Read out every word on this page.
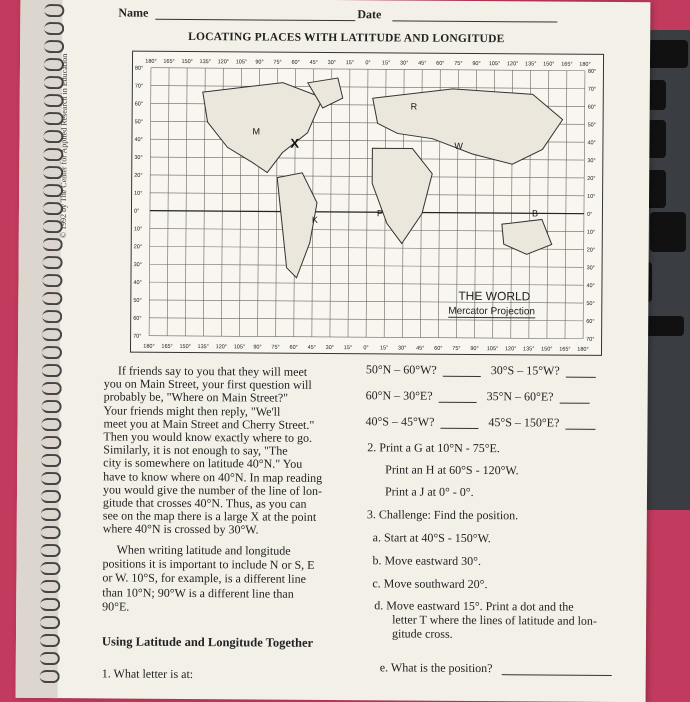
© 1992 by The Center for Applied Research in Education
Name	Date
LOCATING PLACES WITH LATITUDE AND LONGITUDE
180°
180°
165°
165°
150°
150°
135°
135°
120°
120°
105°
105°
90°
90°
75°
75°
60°
60°
45°
45°
30°
30°
15°
15°
0°
0°
15°
15°
30°
30°
45°
45°
60°
60°
75°
75°
90°
90°
105°
105°
120°
120°
135°
135°
150°
150°
165°
165°
180°
180°
80°
80°
70°
70°
60°
60°
50°
50°
40°
40°
30°
30°
20°
20°
10°
10°
0°
0°
10°
10°
20°
20°
30°
30°
40°
40°
50°
50°
60°
60°
70°
70°
M
X
R
W
K
P	B
THE WORLD
Mercator Projection
If friends say to you that they will meet
you on Main Street, your first question will
probably be, "Where on Main Street?"
Your friends might then reply, "We'll
meet you at Main Street and Cherry Street."
Then you would know exactly where to go.
Similarly, it is not enough to say, "The
city is somewhere on latitude 40°N." You
have to know where on 40°N. In map reading
you would give the number of the line of lon-
gitude that crosses 40°N. Thus, as you can
see on the map there is a large X at the point
where 40°N is crossed by 30°W.
When writing latitude and longitude
positions it is important to include N or S, E
or W. 10°S, for example, is a different line
than 10°N; 90°W is a different line than
90°E.
Using Latitude and Longitude Together
1. What letter is at:
50°N – 60°W?	30°S – 15°W?
60°N – 30°E?	35°N – 60°E?
40°S – 45°W?	45°S – 150°E?
2. Print a G at 10°N - 75°E.
Print an H at 60°S - 120°W.
Print a J at 0° - 0°.
3. Challenge: Find the position.
a. Start at 40°S - 150°W.
b. Move eastward 30°.
c. Move southward 20°.
d. Move eastward 15°. Print a dot and the
letter T where the lines of latitude and lon-
gitude cross.
e. What is the position?
